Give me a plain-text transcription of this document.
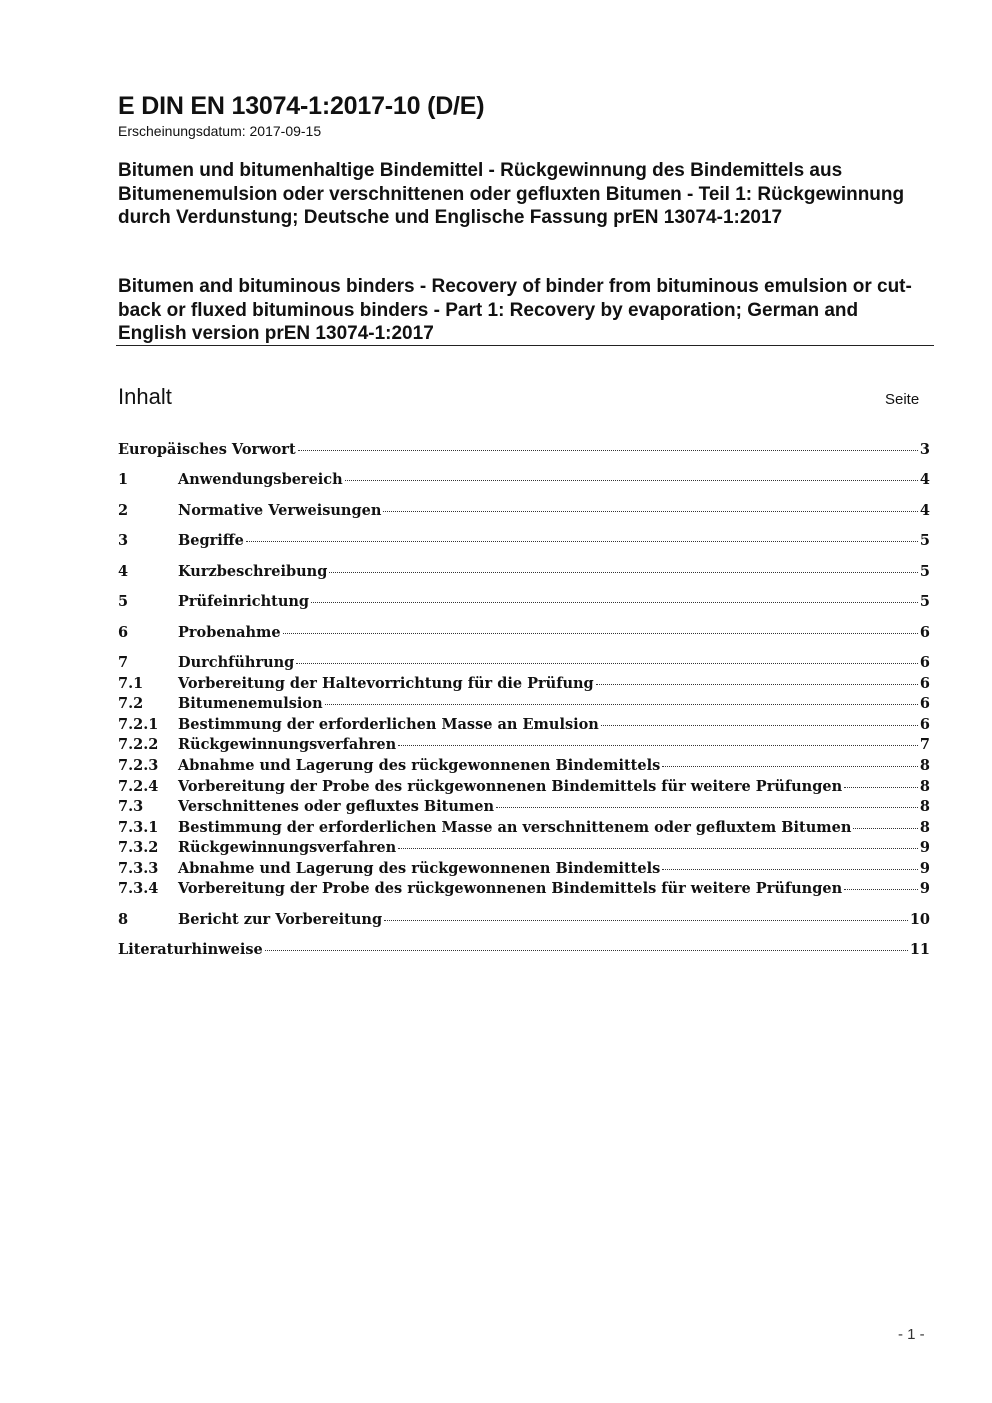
E DIN EN 13074-1:2017-10 (D/E)
Erscheinungsdatum: 2017-09-15
Bitumen und bitumenhaltige Bindemittel - Rückgewinnung des Bindemittels aus Bitumenemulsion oder verschnittenen oder gefluxten Bitumen - Teil 1: Rückgewinnung durch Verdunstung; Deutsche und Englische Fassung prEN 13074-1:2017
Bitumen and bituminous binders - Recovery of binder from bituminous emulsion or cut-back or fluxed bituminous binders - Part 1: Recovery by evaporation; German and English version prEN 13074-1:2017
Inhalt	Seite
Europäisches Vorwort	3
1	Anwendungsbereich	4
2	Normative Verweisungen	4
3	Begriffe	5
4	Kurzbeschreibung	5
5	Prüfeinrichtung	5
6	Probenahme	6
7	Durchführung	6
7.1	Vorbereitung der Haltevorrichtung für die Prüfung	6
7.2	Bitumenemulsion	6
7.2.1	Bestimmung der erforderlichen Masse an Emulsion	6
7.2.2	Rückgewinnungsverfahren	7
7.2.3	Abnahme und Lagerung des rückgewonnenen Bindemittels	8
7.2.4	Vorbereitung der Probe des rückgewonnenen Bindemittels für weitere Prüfungen	8
7.3	Verschnittenes oder gefluxtes Bitumen	8
7.3.1	Bestimmung der erforderlichen Masse an verschnittenem oder gefluxtem Bitumen	8
7.3.2	Rückgewinnungsverfahren	9
7.3.3	Abnahme und Lagerung des rückgewonnenen Bindemittels	9
7.3.4	Vorbereitung der Probe des rückgewonnenen Bindemittels für weitere Prüfungen	9
8	Bericht zur Vorbereitung	10
Literaturhinweise	11
- 1 -
